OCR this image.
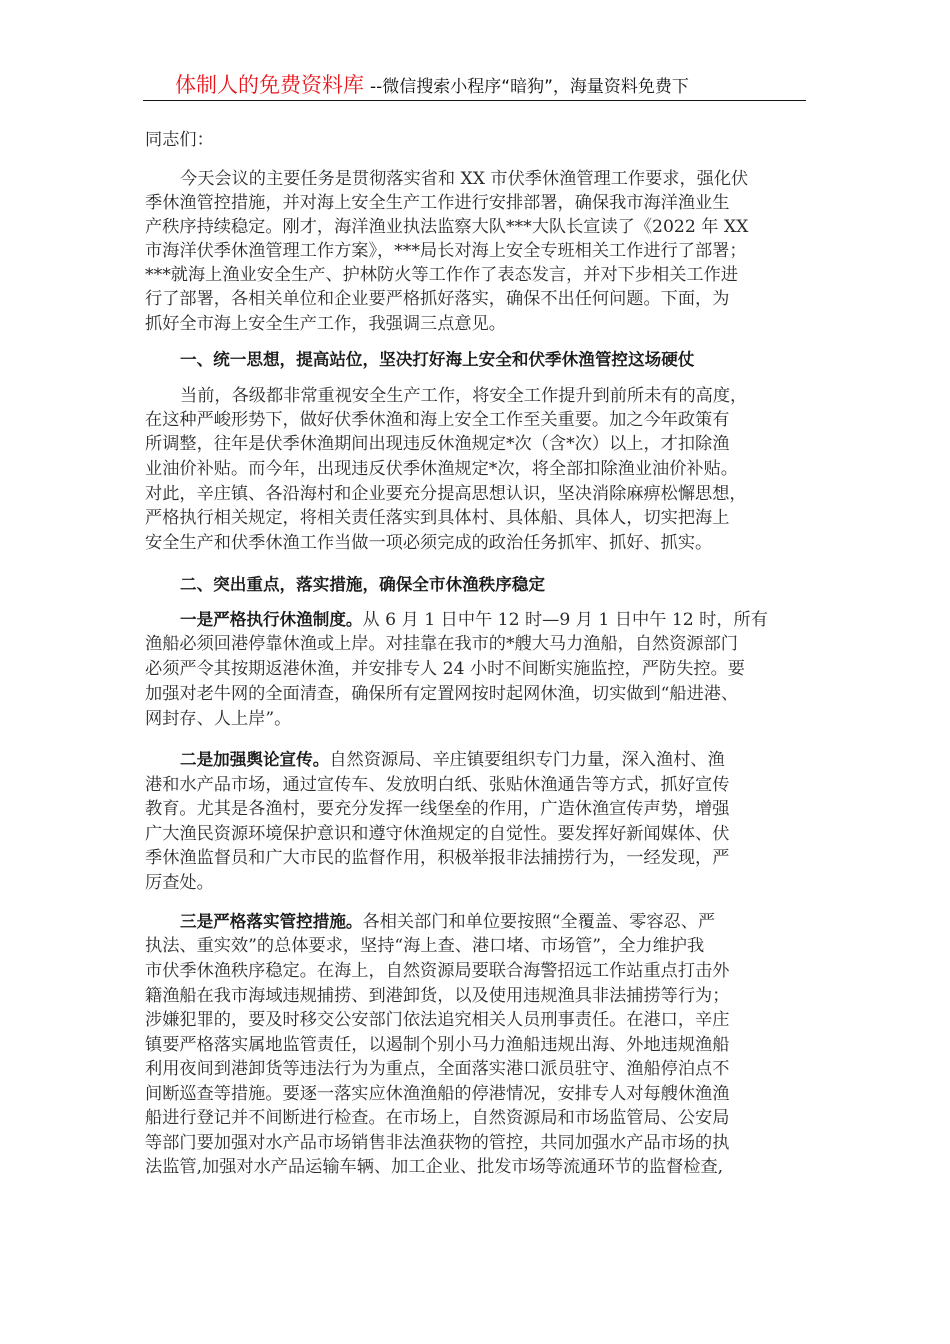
体制人的免费资料库 --微信搜索小程序“暗狗”，海量资料免费下
同志们：
今天会议的主要任务是贯彻落实省和 XX 市伏季休渔管理工作要求，强化伏
季休渔管控措施，并对海上安全生产工作进行安排部署，确保我市海洋渔业生
产秩序持续稳定。刚才，海洋渔业执法监察大队***大队长宣读了《2022 年 XX
市海洋伏季休渔管理工作方案》，***局长对海上安全专班相关工作进行了部署；
***就海上渔业安全生产、护林防火等工作作了表态发言，并对下步相关工作进
行了部署，各相关单位和企业要严格抓好落实，确保不出任何问题。下面，为
抓好全市海上安全生产工作，我强调三点意见。
一、统一思想，提高站位，坚决打好海上安全和伏季休渔管控这场硬仗
当前，各级都非常重视安全生产工作，将安全工作提升到前所未有的高度，
在这种严峻形势下，做好伏季休渔和海上安全工作至关重要。加之今年政策有
所调整，往年是伏季休渔期间出现违反休渔规定*次（含*次）以上，才扣除渔
业油价补贴。而今年，出现违反伏季休渔规定*次，将全部扣除渔业油价补贴。
对此，辛庄镇、各沿海村和企业要充分提高思想认识，坚决消除麻痹松懈思想，
严格执行相关规定，将相关责任落实到具体村、具体船、具体人，切实把海上
安全生产和伏季休渔工作当做一项必须完成的政治任务抓牢、抓好、抓实。
二、突出重点，落实措施，确保全市休渔秩序稳定
一是严格执行休渔制度。从 6 月 1 日中午 12 时—9 月 1 日中午 12 时，所有
渔船必须回港停靠休渔或上岸。对挂靠在我市的*艘大马力渔船，自然资源部门
必须严令其按期返港休渔，并安排专人 24 小时不间断实施监控，严防失控。要
加强对老牛网的全面清查，确保所有定置网按时起网休渔，切实做到“船进港、
网封存、人上岸”。
二是加强舆论宣传。自然资源局、辛庄镇要组织专门力量，深入渔村、渔
港和水产品市场，通过宣传车、发放明白纸、张贴休渔通告等方式，抓好宣传
教育。尤其是各渔村，要充分发挥一线堡垒的作用，广造休渔宣传声势，增强
广大渔民资源环境保护意识和遵守休渔规定的自觉性。要发挥好新闻媒体、伏
季休渔监督员和广大市民的监督作用，积极举报非法捕捞行为，一经发现，严
厉查处。
三是严格落实管控措施。各相关部门和单位要按照“全覆盖、零容忍、严
执法、重实效”的总体要求，坚持“海上查、港口堵、市场管”，全力维护我
市伏季休渔秩序稳定。在海上，自然资源局要联合海警招远工作站重点打击外
籍渔船在我市海域违规捕捞、到港卸货，以及使用违规渔具非法捕捞等行为；
涉嫌犯罪的，要及时移交公安部门依法追究相关人员刑事责任。在港口，辛庄
镇要严格落实属地监管责任，以遏制个别小马力渔船违规出海、外地违规渔船
利用夜间到港卸货等违法行为为重点，全面落实港口派员驻守、渔船停泊点不
间断巡查等措施。要逐一落实应休渔渔船的停港情况，安排专人对每艘休渔渔
船进行登记并不间断进行检查。在市场上，自然资源局和市场监管局、公安局
等部门要加强对水产品市场销售非法渔获物的管控，共同加强水产品市场的执
法监管,加强对水产品运输车辆、加工企业、批发市场等流通环节的监督检查,
